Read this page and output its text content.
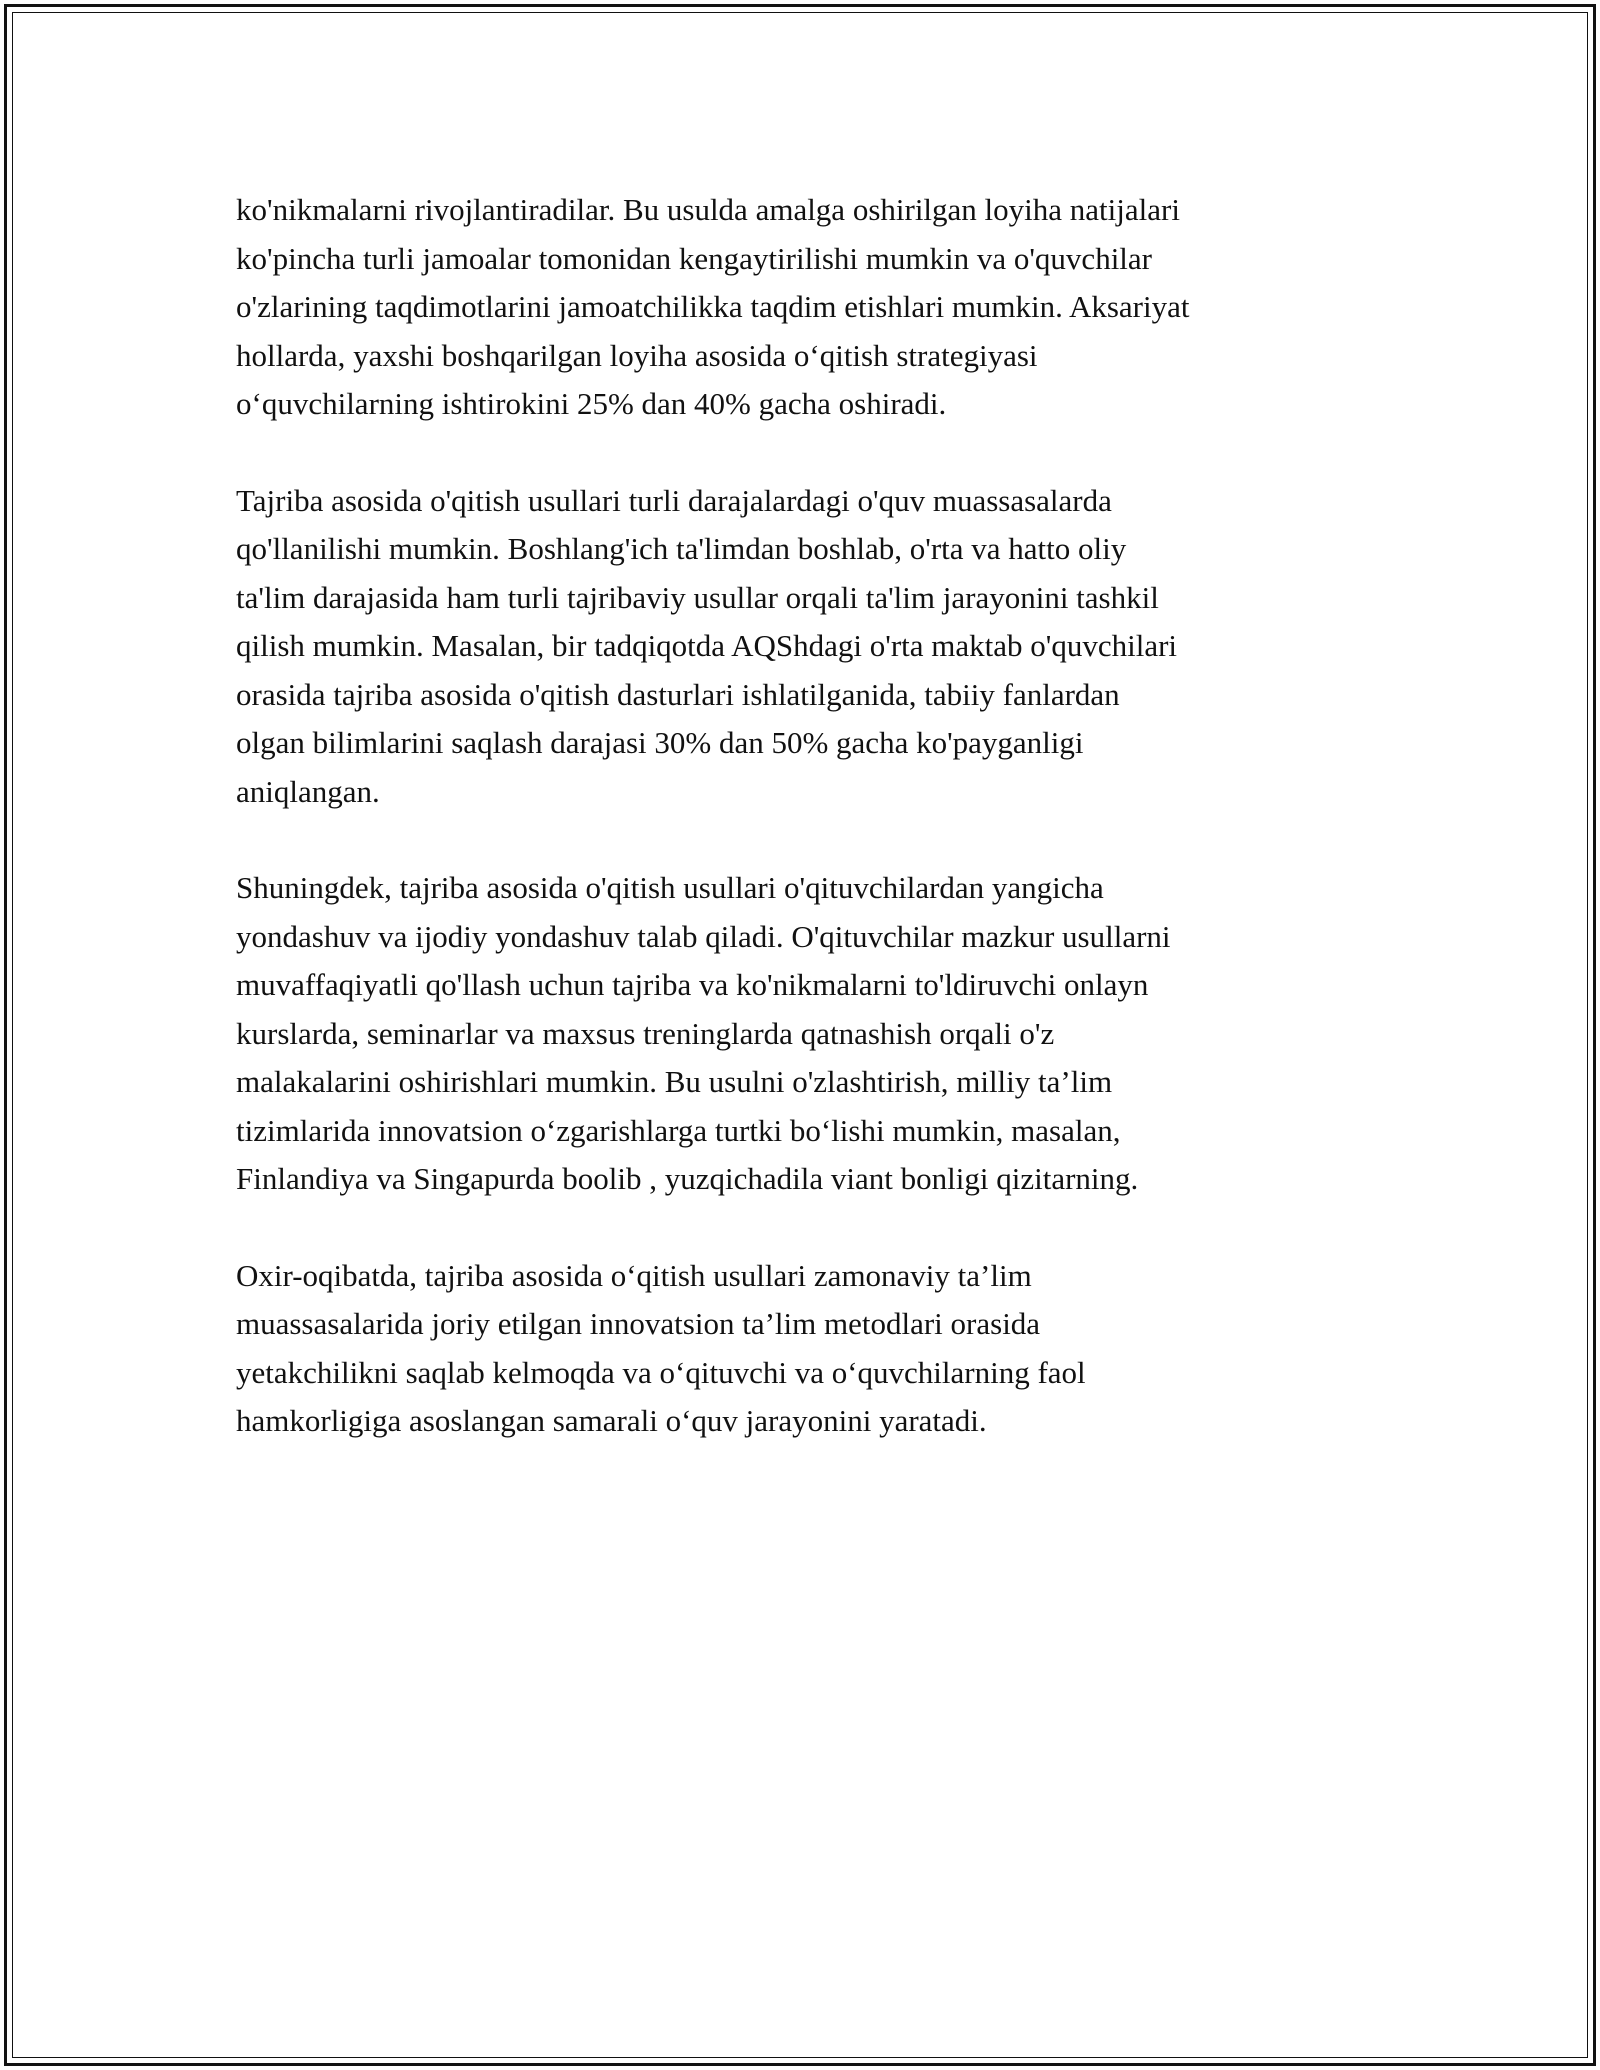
ko'nikmalarni rivojlantiradilar. Bu usulda amalga oshirilgan loyiha natijalari
ko'pincha turli jamoalar tomonidan kengaytirilishi mumkin va o'quvchilar
o'zlarining taqdimotlarini jamoatchilikka taqdim etishlari mumkin. Aksariyat
hollarda, yaxshi boshqarilgan loyiha asosida o‘qitish strategiyasi
o‘quvchilarning ishtirokini 25% dan 40% gacha oshiradi.

Tajriba asosida o'qitish usullari turli darajalardagi o'quv muassasalarda
qo'llanilishi mumkin. Boshlang'ich ta'limdan boshlab, o'rta va hatto oliy
ta'lim darajasida ham turli tajribaviy usullar orqali ta'lim jarayonini tashkil
qilish mumkin. Masalan, bir tadqiqotda AQShdagi o'rta maktab o'quvchilari
orasida tajriba asosida o'qitish dasturlari ishlatilganida, tabiiy fanlardan
olgan bilimlarini saqlash darajasi 30% dan 50% gacha ko'payganligi
aniqlangan.

Shuningdek, tajriba asosida o'qitish usullari o'qituvchilardan yangicha
yondashuv va ijodiy yondashuv talab qiladi. O'qituvchilar mazkur usullarni
muvaffaqiyatli qo'llash uchun tajriba va ko'nikmalarni to'ldiruvchi onlayn
kurslarda, seminarlar va maxsus treninglarda qatnashish orqali o'z
malakalarini oshirishlari mumkin. Bu usulni o'zlashtirish, milliy ta’lim
tizimlarida innovatsion o‘zgarishlarga turtki bo‘lishi mumkin, masalan,
Finlandiya va Singapurda boolib , yuzqichadila viant bonligi qizitarning.

Oxir-oqibatda, tajriba asosida o‘qitish usullari zamonaviy ta’lim
muassasalarida joriy etilgan innovatsion ta’lim metodlari orasida
yetakchilikni saqlab kelmoqda va o‘qituvchi va o‘quvchilarning faol
hamkorligiga asoslangan samarali o‘quv jarayonini yaratadi.
